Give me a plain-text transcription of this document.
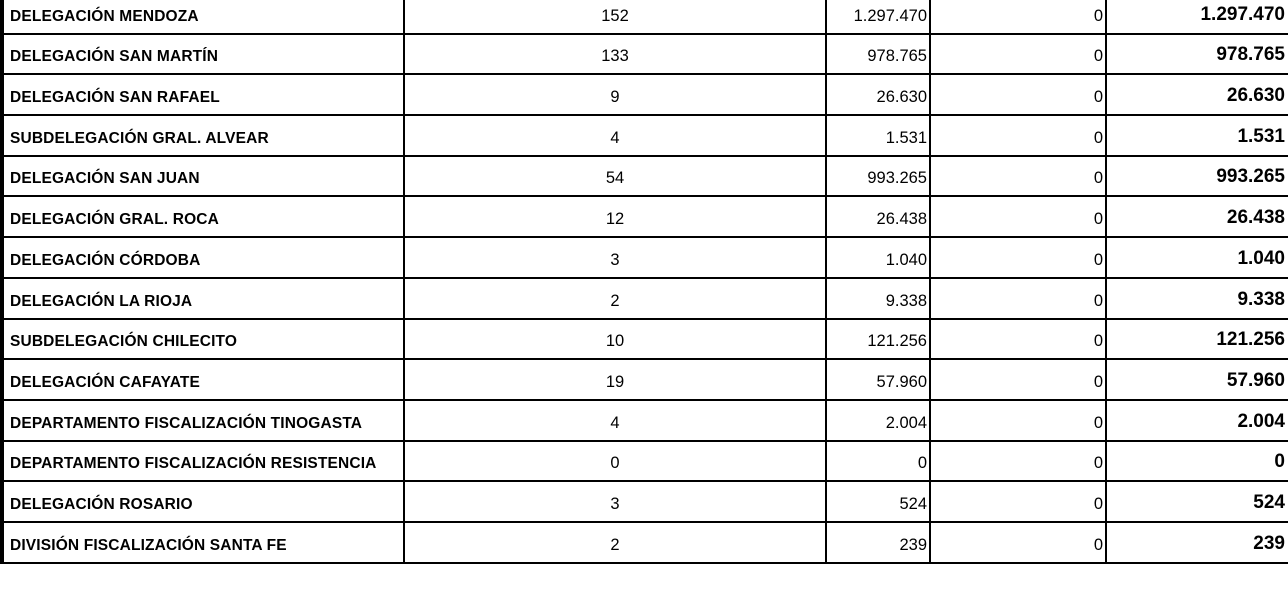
DELEGACIÓN MENDOZA	152	1.297.470	0	1.297.470

DELEGACIÓN SAN MARTÍN	133	978.765	0	978.765

DELEGACIÓN SAN RAFAEL	9	26.630	0	26.630

SUBDELEGACIÓN GRAL. ALVEAR	4	1.531	0	1.531

DELEGACIÓN SAN JUAN	54	993.265	0	993.265

DELEGACIÓN GRAL. ROCA	12	26.438	0	26.438

DELEGACIÓN CÓRDOBA	3	1.040	0	1.040

DELEGACIÓN LA RIOJA	2	9.338	0	9.338

SUBDELEGACIÓN CHILECITO	10	121.256	0	121.256

DELEGACIÓN CAFAYATE	19	57.960	0	57.960

DEPARTAMENTO FISCALIZACIÓN TINOGASTA	4	2.004	0	2.004

DEPARTAMENTO FISCALIZACIÓN RESISTENCIA	0	0	0	0

DELEGACIÓN ROSARIO	3	524	0	524

DIVISIÓN FISCALIZACIÓN SANTA FE	2	239	0	239
